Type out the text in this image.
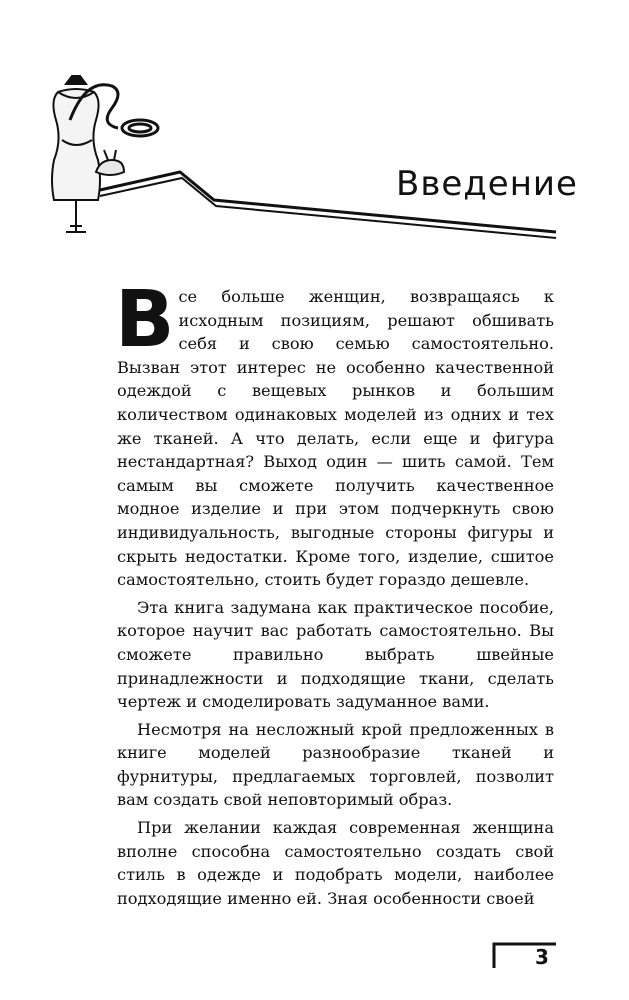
Введение

Все больше женщин, возвращаясь к исходным позициям, решают обшивать себя и свою семью самостоятельно. Вызван этот интерес не особенно качественной одеждой с вещевых рынков и большим количеством одинаковых моделей из одних и тех же тканей. А что делать, если еще и фигура нестандартная? Выход один — шить самой. Тем самым вы сможете получить качественное модное изделие и при этом подчеркнуть свою индивидуальность, выгодные стороны фигуры и скрыть недостатки. Кроме того, изделие, сшитое самостоятельно, стоить будет гораздо дешевле.

Эта книга задумана как практическое пособие, которое научит вас работать самостоятельно. Вы сможете правильно выбрать швейные принадлежности и подходящие ткани, сделать чертеж и смоделировать задуманное вами.

Несмотря на несложный крой предложенных в книге моделей разнообразие тканей и фурнитуры, предлагаемых торговлей, позволит вам создать свой неповторимый образ.

При желании каждая современная женщина вполне способна самостоятельно создать свой стиль в одежде и подобрать модели, наиболее подходящие именно ей. Зная особенности своей

3
